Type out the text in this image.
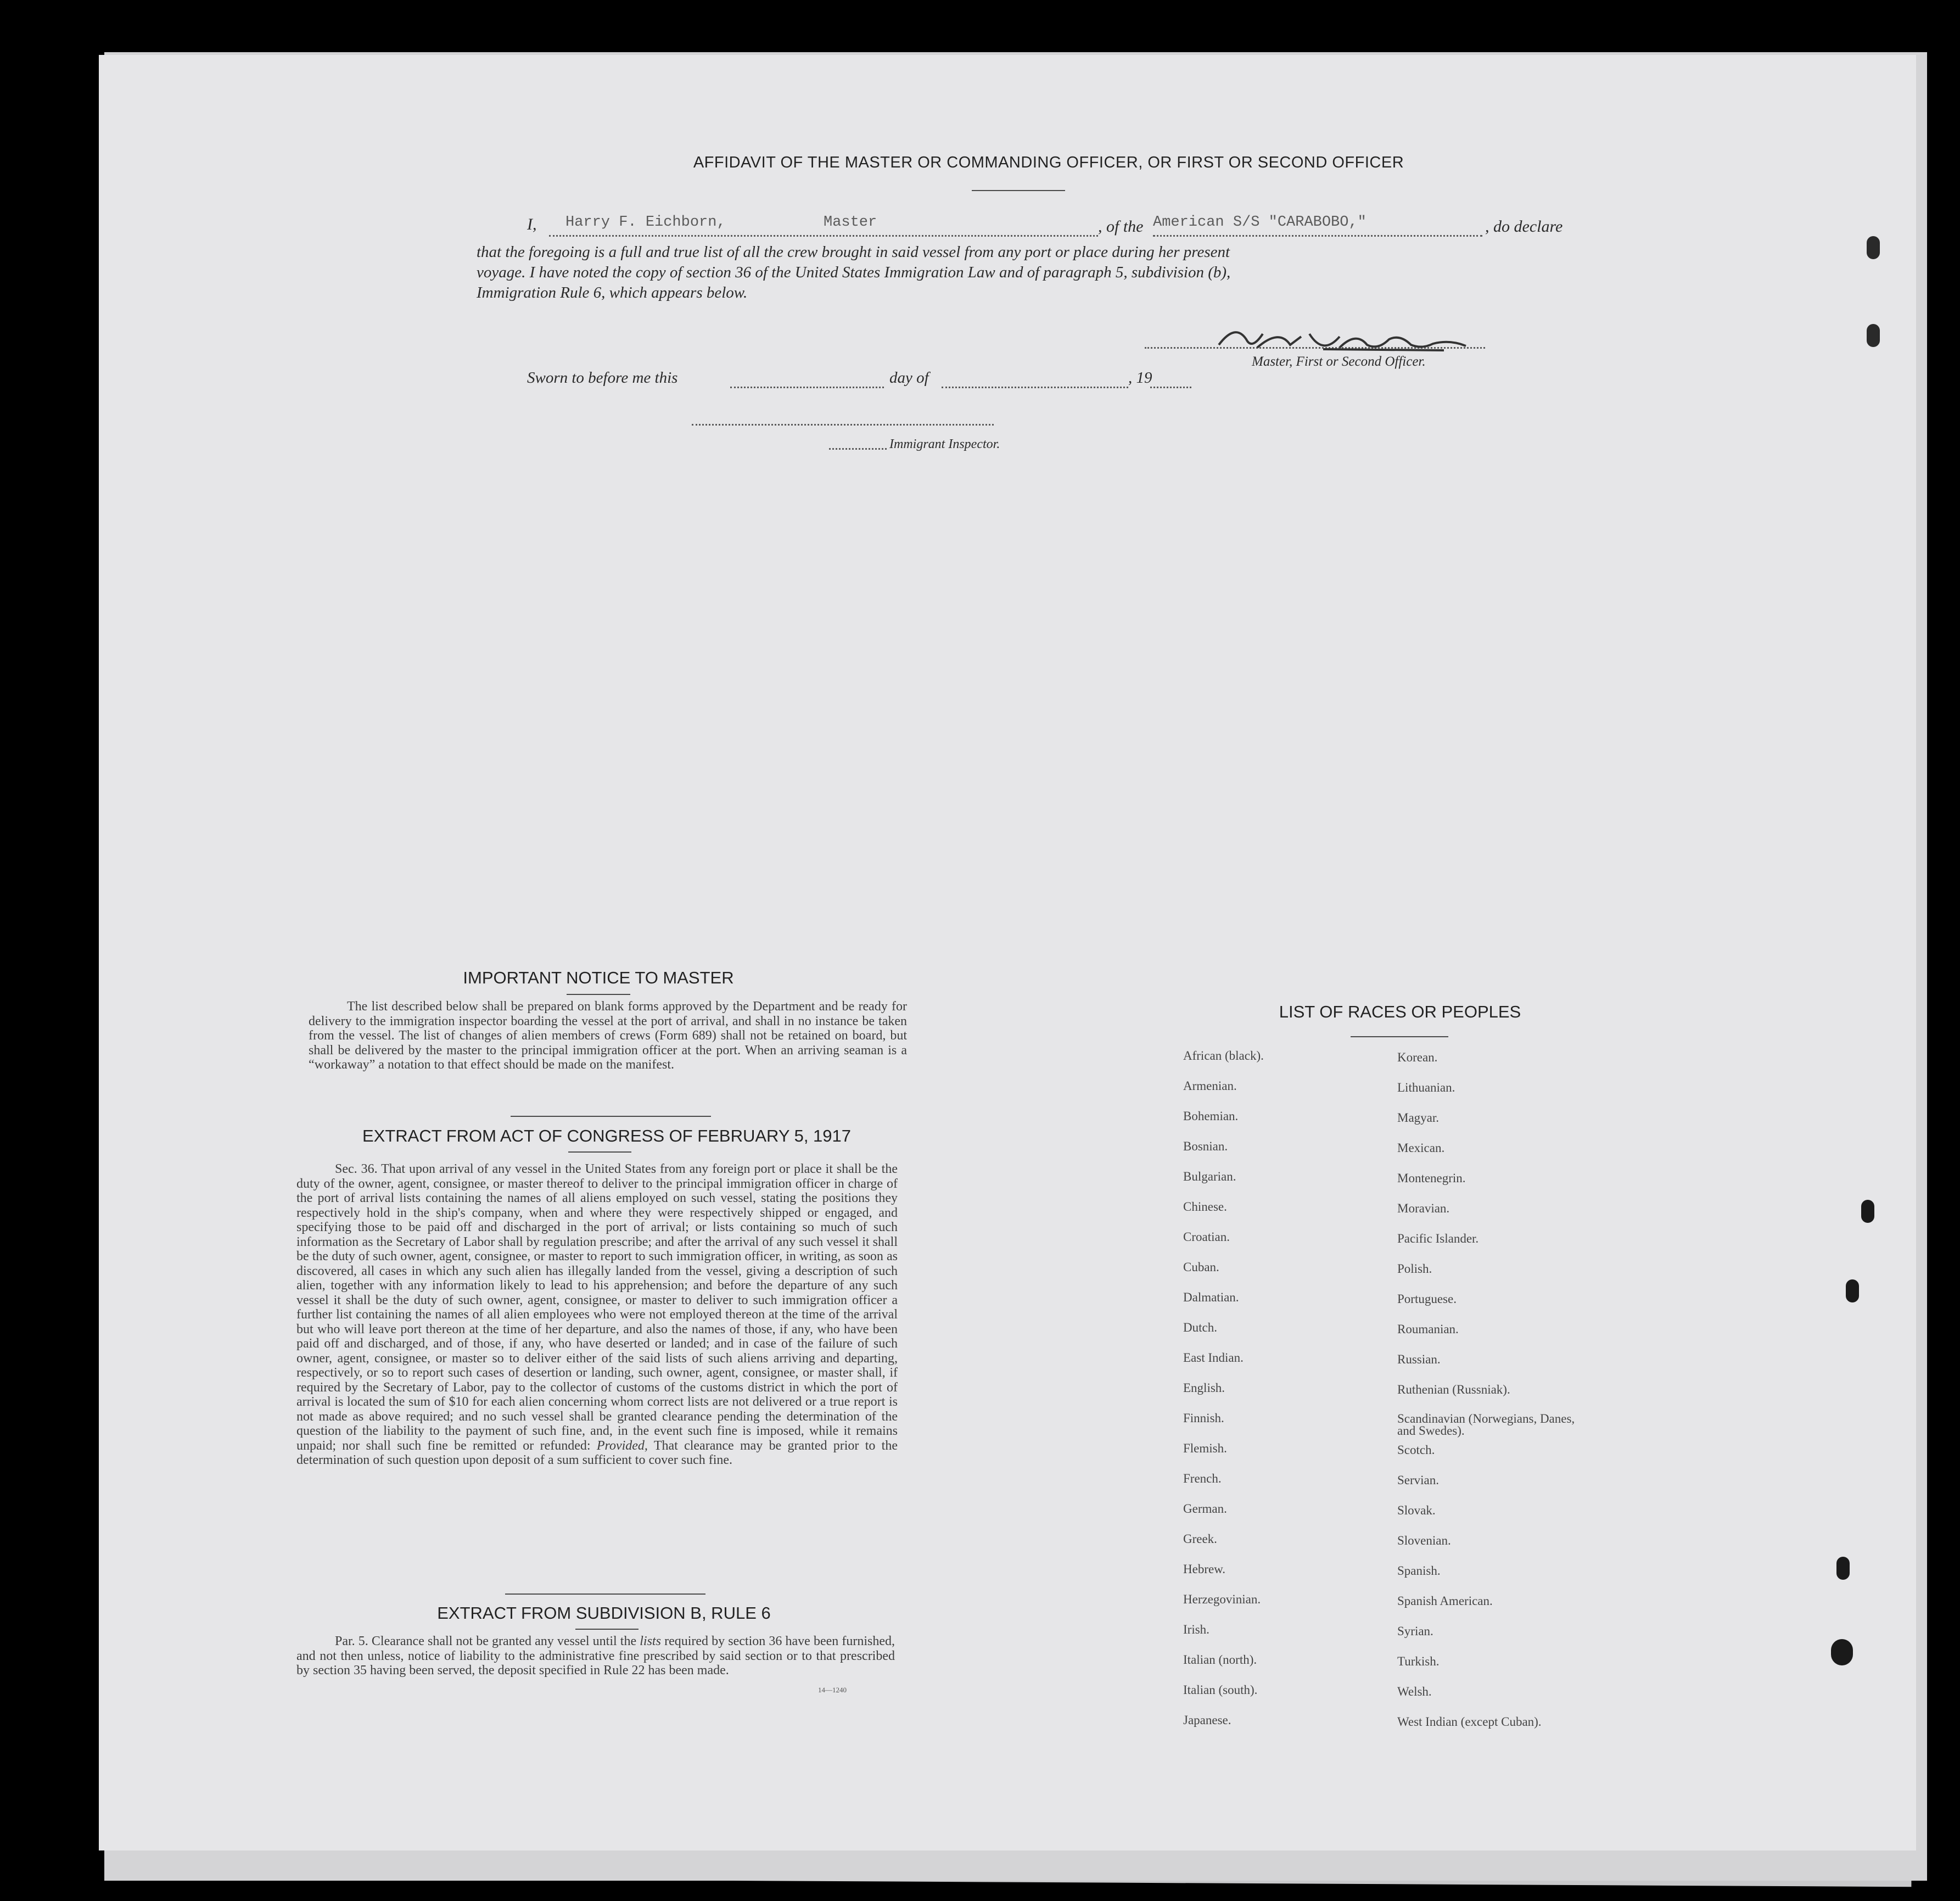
AFFIDAVIT OF THE MASTER OR COMMANDING OFFICER, OR FIRST OR SECOND OFFICER
I, Harry F. Eichborn,	Master	, of the American S/S "CARABOBO,"	, do declare
that the foregoing is a full and true list of all the crew brought in said vessel from any port or place during her present
voyage. I have noted the copy of section 36 of the United States Immigration Law and of paragraph 5, subdivision (b),
Immigration Rule 6, which appears below.
Master, First or Second Officer.
Sworn to before me this	day of	, 19
Immigrant Inspector.
IMPORTANT NOTICE TO MASTER

The list described below shall be prepared on blank forms approved by the Department and be ready for delivery to the immigration inspector boarding the vessel at the port of arrival, and shall in no instance be taken from the vessel. The list of changes of alien members of crews (Form 689) shall not be retained on board, but shall be delivered by the master to the principal immigration officer at the port. When an arriving seaman is a “workaway” a notation to that effect should be made on the manifest.

EXTRACT FROM ACT OF CONGRESS OF FEBRUARY 5, 1917

Sec. 36. That upon arrival of any vessel in the United States from any foreign port or place it shall be the duty of the owner, agent, consignee, or master thereof to deliver to the principal immigration officer in charge of the port of arrival lists containing the names of all aliens employed on such vessel, stating the positions they respectively hold in the ship's company, when and where they were respectively shipped or engaged, and specifying those to be paid off and discharged in the port of arrival; or lists containing so much of such information as the Secretary of Labor shall by regulation prescribe; and after the arrival of any such vessel it shall be the duty of such owner, agent, consignee, or master to report to such immigration officer, in writing, as soon as discovered, all cases in which any such alien has illegally landed from the vessel, giving a description of such alien, together with any information likely to lead to his apprehension; and before the departure of any such vessel it shall be the duty of such owner, agent, consignee, or master to deliver to such immigration officer a further list containing the names of all alien employees who were not employed thereon at the time of the arrival but who will leave port thereon at the time of her departure, and also the names of those, if any, who have been paid off and discharged, and of those, if any, who have deserted or landed; and in case of the failure of such owner, agent, consignee, or master so to deliver either of the said lists of such aliens arriving and departing, respectively, or so to report such cases of desertion or landing, such owner, agent, consignee, or master shall, if required by the Secretary of Labor, pay to the collector of customs of the customs district in which the port of arrival is located the sum of $10 for each alien concerning whom correct lists are not delivered or a true report is not made as above required; and no such vessel shall be granted clearance pending the determination of the question of the liability to the payment of such fine, and, in the event such fine is imposed, while it remains unpaid; nor shall such fine be remitted or refunded: Provided, That clearance may be granted prior to the determination of such question upon deposit of a sum sufficient to cover such fine.

EXTRACT FROM SUBDIVISION B, RULE 6

Par. 5. Clearance shall not be granted any vessel until the lists required by section 36 have been furnished, and not then unless, notice of liability to the administrative fine prescribed by said section or to that prescribed by section 35 having been served, the deposit specified in Rule 22 has been made.

14—1240
LIST OF RACES OR PEOPLES
African (black).
Armenian.
Bohemian.
Bosnian.
Bulgarian.
Chinese.
Croatian.
Cuban.
Dalmatian.
Dutch.
East Indian.
English.
Finnish.
Flemish.
French.
German.
Greek.
Hebrew.
Herzegovinian.
Irish.
Italian (north).
Italian (south).
Japanese.
Korean.
Lithuanian.
Magyar.
Mexican.
Montenegrin.
Moravian.
Pacific Islander.
Polish.
Portuguese.
Roumanian.
Russian.
Ruthenian (Russniak).
Scandinavian (Norwegians, Danes, and Swedes).
Scotch.
Servian.
Slovak.
Slovenian.
Spanish.
Spanish American.
Syrian.
Turkish.
Welsh.
West Indian (except Cuban).
